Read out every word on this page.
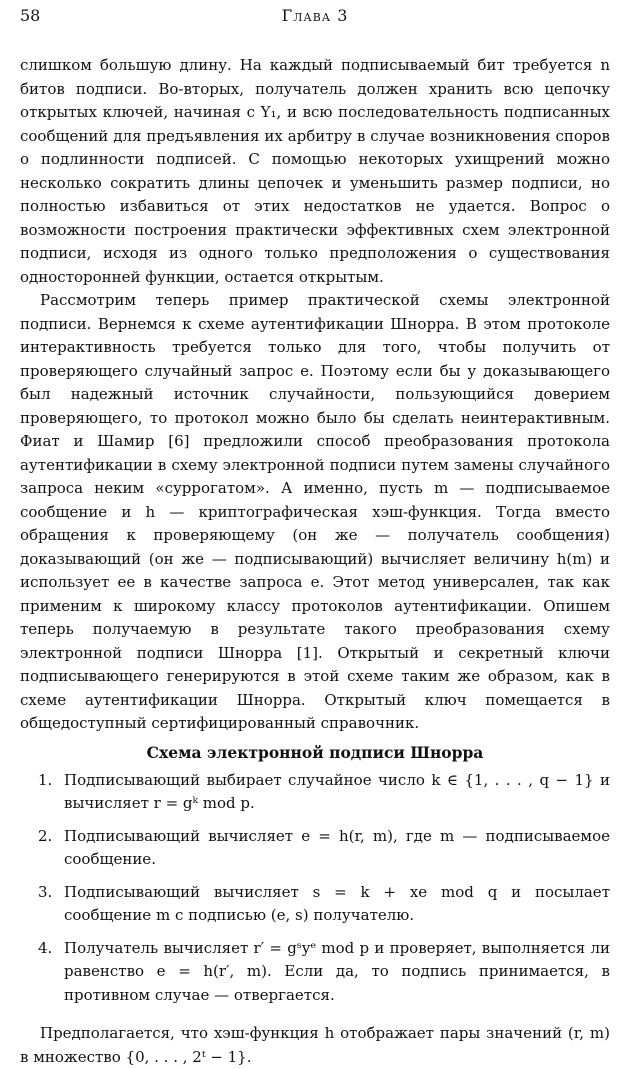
58	Глава 3

слишком большую длину. На каждый подписываемый бит требуется n битов подписи. Во-вторых, получатель должен хранить всю цепочку открытых ключей, начиная с Y₁, и всю последовательность подписанных сообщений для предъявления их арбитру в случае возникновения споров о подлинности подписей. С помощью некоторых ухищрений можно несколько сократить длины цепочек и уменьшить размер подписи, но полностью избавиться от этих недостатков не удается. Вопрос о возможности построения практически эффективных схем электронной подписи, исходя из одного только предположения о существования односторонней функции, остается открытым.

Рассмотрим теперь пример практической схемы электронной подписи. Вернемся к схеме аутентификации Шнорра. В этом протоколе интерактивность требуется только для того, чтобы получить от проверяющего случайный запрос e. Поэтому если бы у доказывающего был надежный источник случайности, пользующийся доверием проверяющего, то протокол можно было бы сделать неинтерактивным. Фиат и Шамир [6] предложили способ преобразования протокола аутентификации в схему электронной подписи путем замены случайного запроса неким «суррогатом». А именно, пусть m — подписываемое сообщение и h — криптографическая хэш-функция. Тогда вместо обращения к проверяющему (он же — получатель сообщения) доказывающий (он же — подписывающий) вычисляет величину h(m) и использует ее в качестве запроса e. Этот метод универсален, так как применим к широкому классу протоколов аутентификации. Опишем теперь получаемую в результате такого преобразования схему электронной подписи Шнорра [1]. Открытый и секретный ключи подписывающего генерируются в этой схеме таким же образом, как в схеме аутентификации Шнорра. Открытый ключ помещается в общедоступный сертифицированный справочник.

Схема электронной подписи Шнорра
1. Подписывающий выбирает случайное число k ∈ {1, . . . , q − 1} и вычисляет r = gᵏ mod p.
2. Подписывающий вычисляет e = h(r, m), где m — подписываемое сообщение.
3. Подписывающий вычисляет s = k + xe mod q и посылает сообщение m с подписью (e, s) получателю.
4. Получатель вычисляет r′ = gˢyᵉ mod p и проверяет, выполняется ли равенство e = h(r′, m). Если да, то подпись принимается, в противном случае — отвергается.

Предполагается, что хэш-функция h отображает пары значений (r, m) в множество {0, . . . , 2ᵗ − 1}.
